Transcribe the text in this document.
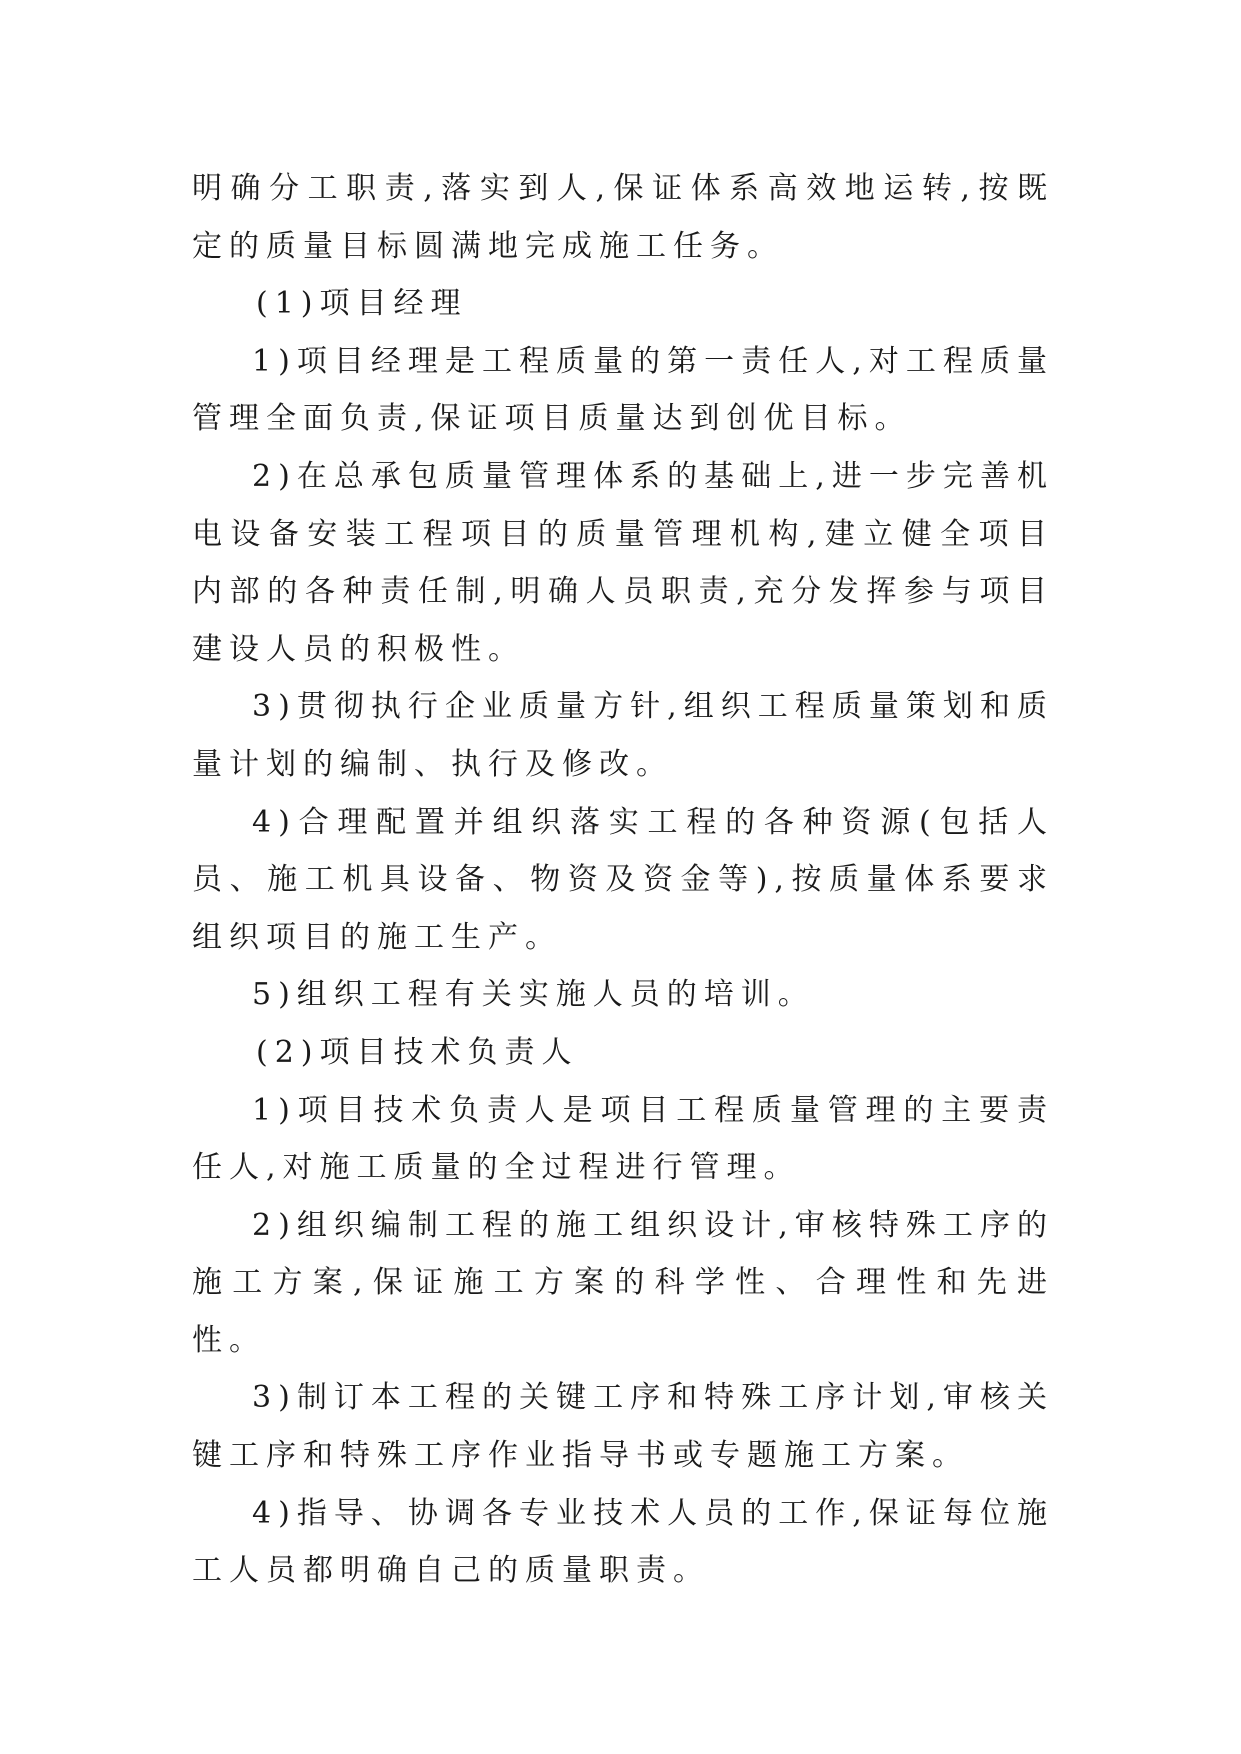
明确分工职责,落实到人,保证体系高效地运转,按既定的质量目标圆满地完成施工任务。

(1)项目经理

1)项目经理是工程质量的第一责任人,对工程质量管理全面负责,保证项目质量达到创优目标。

2)在总承包质量管理体系的基础上,进一步完善机电设备安装工程项目的质量管理机构,建立健全项目内部的各种责任制,明确人员职责,充分发挥参与项目建设人员的积极性。

3)贯彻执行企业质量方针,组织工程质量策划和质量计划的编制、执行及修改。

4)合理配置并组织落实工程的各种资源(包括人员、施工机具设备、物资及资金等),按质量体系要求组织项目的施工生产。

5)组织工程有关实施人员的培训。

(2)项目技术负责人

1)项目技术负责人是项目工程质量管理的主要责任人,对施工质量的全过程进行管理。

2)组织编制工程的施工组织设计,审核特殊工序的施工方案,保证施工方案的科学性、合理性和先进性。

3)制订本工程的关键工序和特殊工序计划,审核关键工序和特殊工序作业指导书或专题施工方案。

4)指导、协调各专业技术人员的工作,保证每位施工人员都明确自己的质量职责。
